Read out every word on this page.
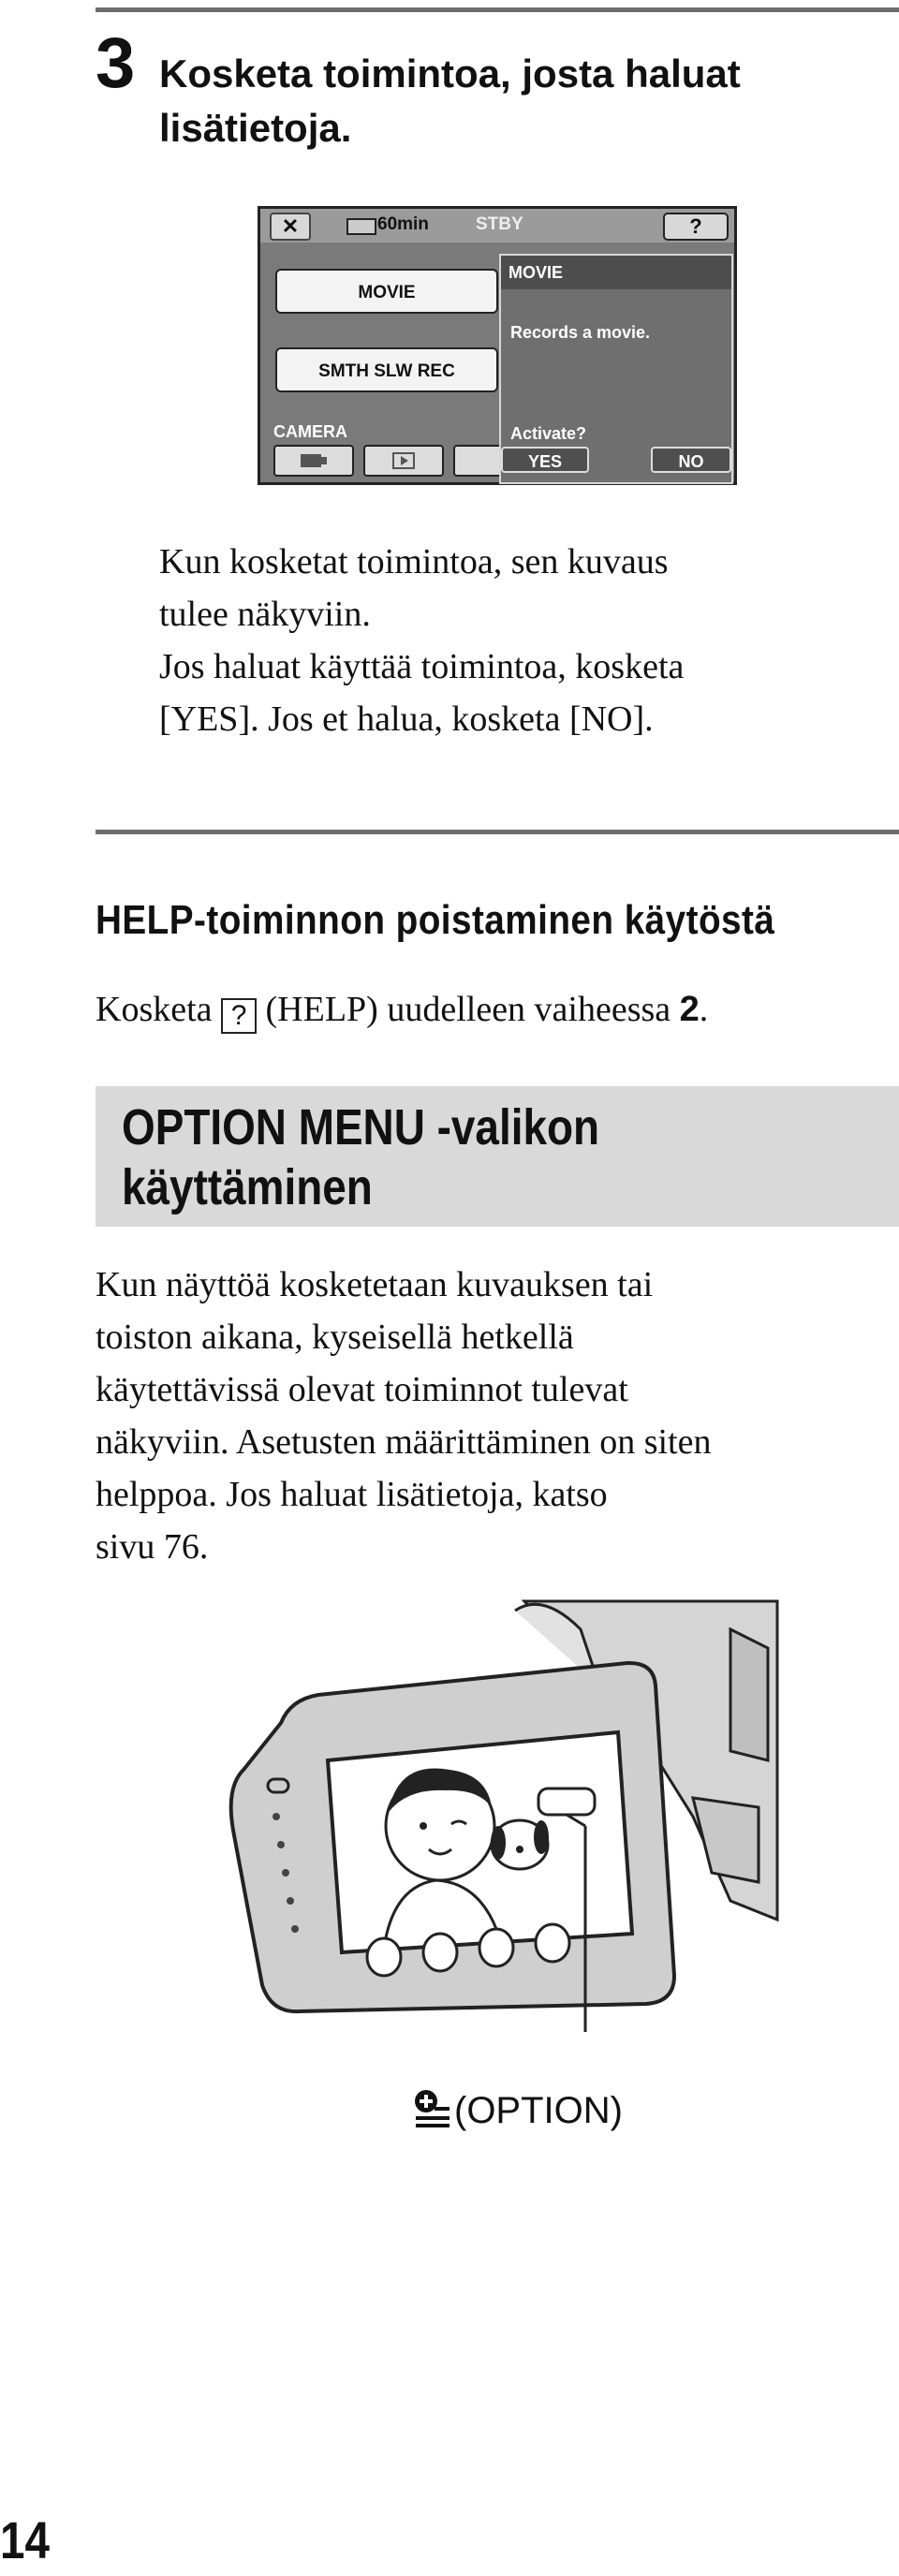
3 Kosketa toimintoa, josta haluat
lisätietoja.
✕	60min	STBY	?
MOVIE
SMTH SLW REC
CAMERA
MOVIE
Records a movie.
Activate?
YES	NO
Kun kosketat toimintoa, sen kuvaus
tulee näkyviin.
Jos haluat käyttää toimintoa, kosketa
[YES]. Jos et halua, kosketa [NO].
HELP-toiminnon poistaminen käytöstä
Kosketa ? (HELP) uudelleen vaiheessa 2.
OPTION MENU -valikon
käyttäminen
Kun näyttöä kosketetaan kuvauksen tai
toiston aikana, kyseisellä hetkellä
käytettävissä olevat toiminnot tulevat
näkyviin. Asetusten määrittäminen on siten
helppoa. Jos haluat lisätietoja, katso
sivu 76.
(OPTION)
14
